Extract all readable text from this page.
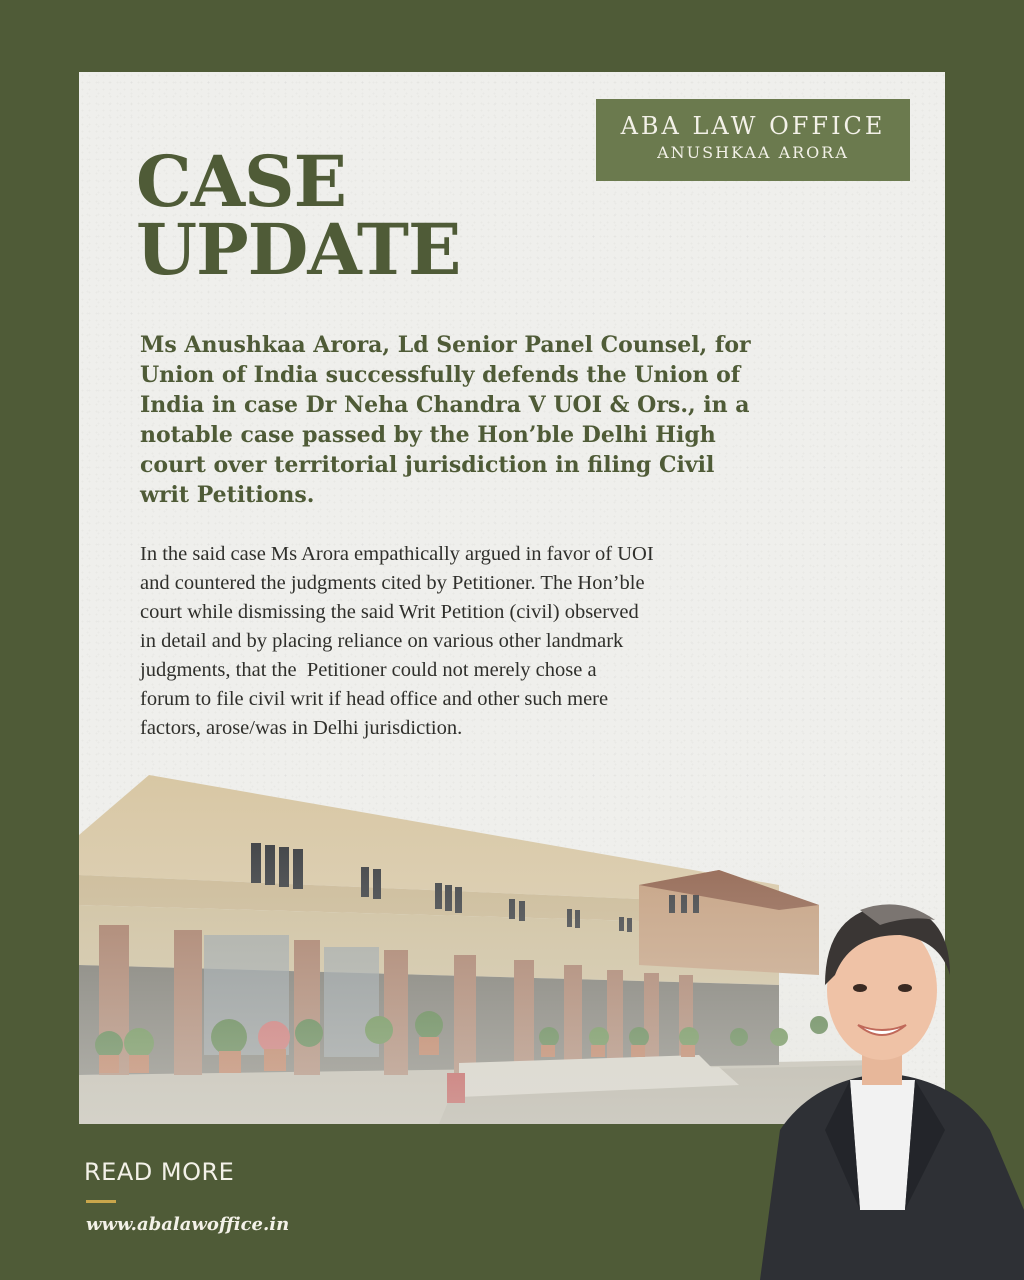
ABA LAW OFFICE
ANUSHKAA ARORA
CASE
UPDATE
Ms Anushkaa Arora, Ld Senior Panel Counsel, for
Union of India successfully defends the Union of
India in case Dr Neha Chandra V UOI & Ors., in a
notable case passed by the Hon’ble Delhi High
court over territorial jurisdiction in filing Civil
writ Petitions.
In the said case Ms Arora empathically argued in favor of UOI
and countered the judgments cited by Petitioner. The Hon’ble
court while dismissing the said Writ Petition (civil) observed
in detail and by placing reliance on various other landmark
judgments, that the  Petitioner could not merely chose a
forum to file civil writ if head office and other such mere
factors, arose/was in Delhi jurisdiction.
READ MORE
www.abalawoffice.in
